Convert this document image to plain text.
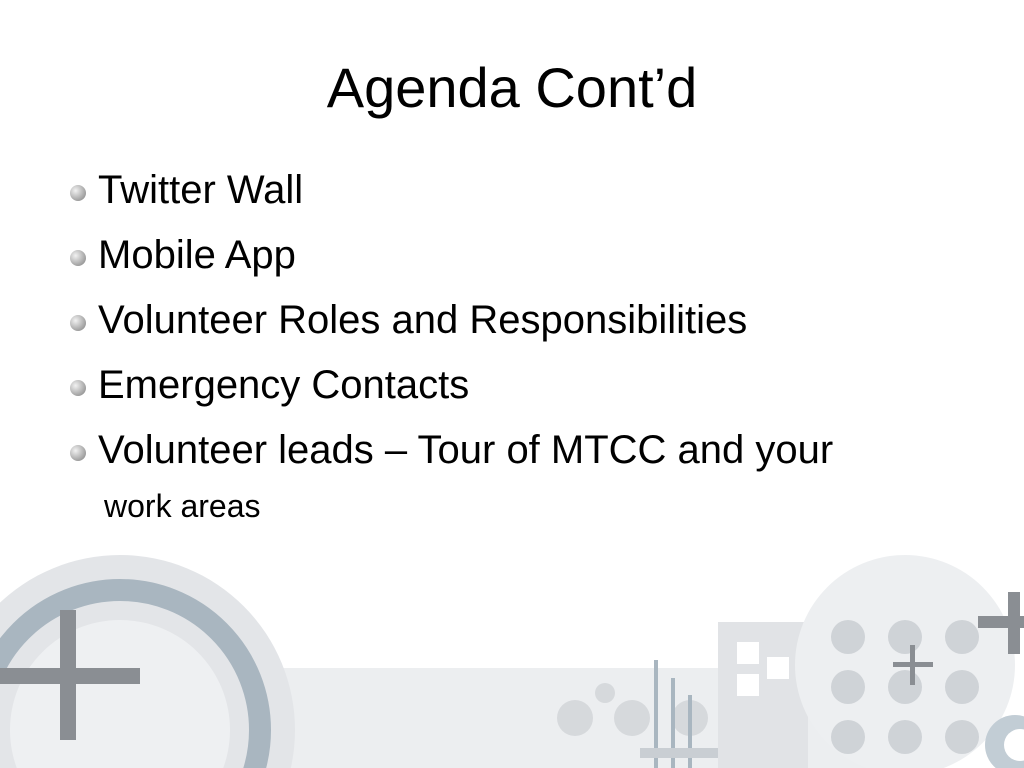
Agenda Cont’d
Twitter Wall
Mobile App
Volunteer Roles and Responsibilities
Emergency Contacts
Volunteer leads – Tour of MTCC and your
work areas
